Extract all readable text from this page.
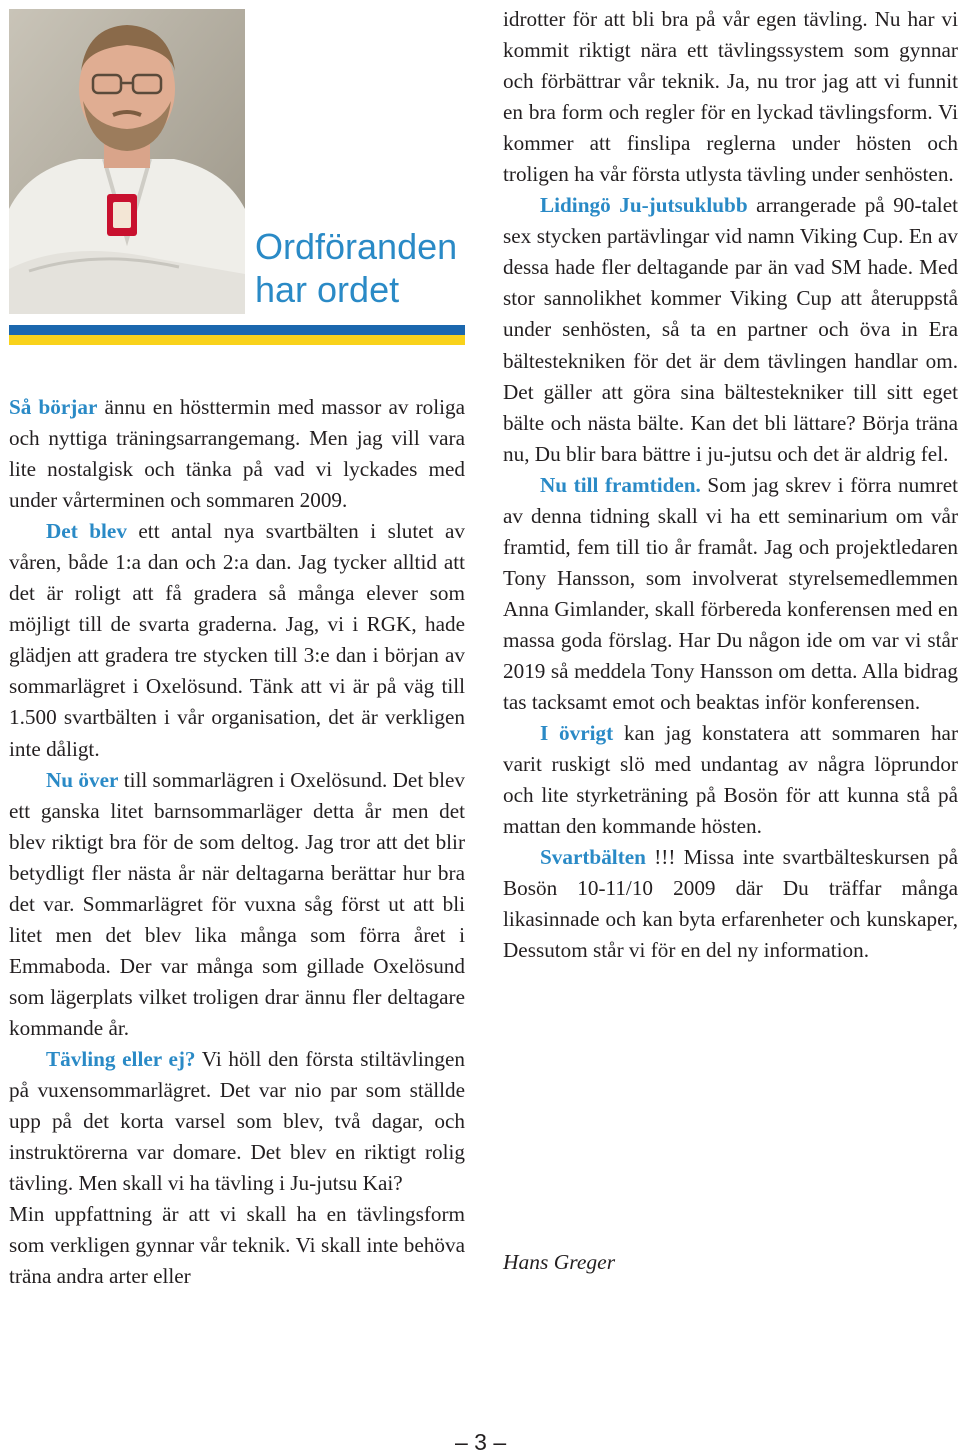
Ordföranden
har ordet

Så börjar ännu en hösttermin med massor av roliga och nyttiga träningsarrangemang. Men jag vill vara lite nostalgisk och tänka på vad vi lyckades med under vårterminen och sommaren 2009.

Det blev ett antal nya svartbälten i slutet av våren, både 1:a dan och 2:a dan. Jag tycker alltid att det är roligt att få gradera så många elever som möjligt till de svarta graderna. Jag, vi i RGK, hade glädjen att gradera tre stycken till 3:e dan i början av sommarlägret i Oxelösund. Tänk att vi är på väg till 1.500 svartbälten i vår organisation, det är verkligen inte dåligt.

Nu över till sommarlägren i Oxelösund. Det blev ett ganska litet barnsommarläger detta år men det blev riktigt bra för de som deltog. Jag tror att det blir betydligt fler nästa år när deltagarna berättar hur bra det var. Sommarlägret för vuxna såg först ut att bli litet men det blev lika många som förra året i Emmaboda. Der var många som gillade Oxelösund som lägerplats vilket troligen drar ännu fler deltagare kommande år.

Tävling eller ej? Vi höll den första stiltävlingen på vuxensommarlägret. Det var nio par som ställde upp på det korta varsel som blev, två dagar, och instruktörerna var domare. Det blev en riktigt rolig tävling. Men skall vi ha tävling i Ju-jutsu Kai?

Min uppfattning är att vi skall ha en tävlingsform som verkligen gynnar vår teknik. Vi skall inte behöva träna andra arter eller

idrotter för att bli bra på vår egen tävling. Nu har vi kommit riktigt nära ett tävlingssystem som gynnar och förbättrar vår teknik. Ja, nu tror jag att vi funnit en bra form och regler för en lyckad tävlingsform. Vi kommer att finslipa reglerna under hösten och troligen ha vår första utlysta tävling under senhösten.

Lidingö Ju-jutsuklubb arrangerade på 90-talet sex stycken partävlingar vid namn Viking Cup. En av dessa hade fler deltagande par än vad SM hade. Med stor sannolikhet kommer Viking Cup att återuppstå under senhösten, så ta en partner och öva in Era bältestekniken för det är dem tävlingen handlar om. Det gäller att göra sina bältestekniker till sitt eget bälte och nästa bälte. Kan det bli lättare? Börja träna nu, Du blir bara bättre i ju-jutsu och det är aldrig fel.

Nu till framtiden. Som jag skrev i förra numret av denna tidning skall vi ha ett seminarium om vår framtid, fem till tio år framåt. Jag och projektledaren Tony Hansson, som involverat styrelsemedlemmen Anna Gimlander, skall förbereda konferensen med en massa goda förslag. Har Du någon ide om var vi står 2019 så meddela Tony Hansson om detta. Alla bidrag tas tacksamt emot och beaktas inför konferensen.

I övrigt kan jag konstatera att sommaren har varit ruskigt slö med undantag av några löprundor och lite styrketräning på Bosön för att kunna stå på mattan den kommande hösten.

Svartbälten !!! Missa inte svartbälteskursen på Bosön 10-11/10 2009 där Du träffar många likasinnade och kan byta erfarenheter och kunskaper, Dessutom står vi för en del ny information.

Hans Greger
– 3 –
